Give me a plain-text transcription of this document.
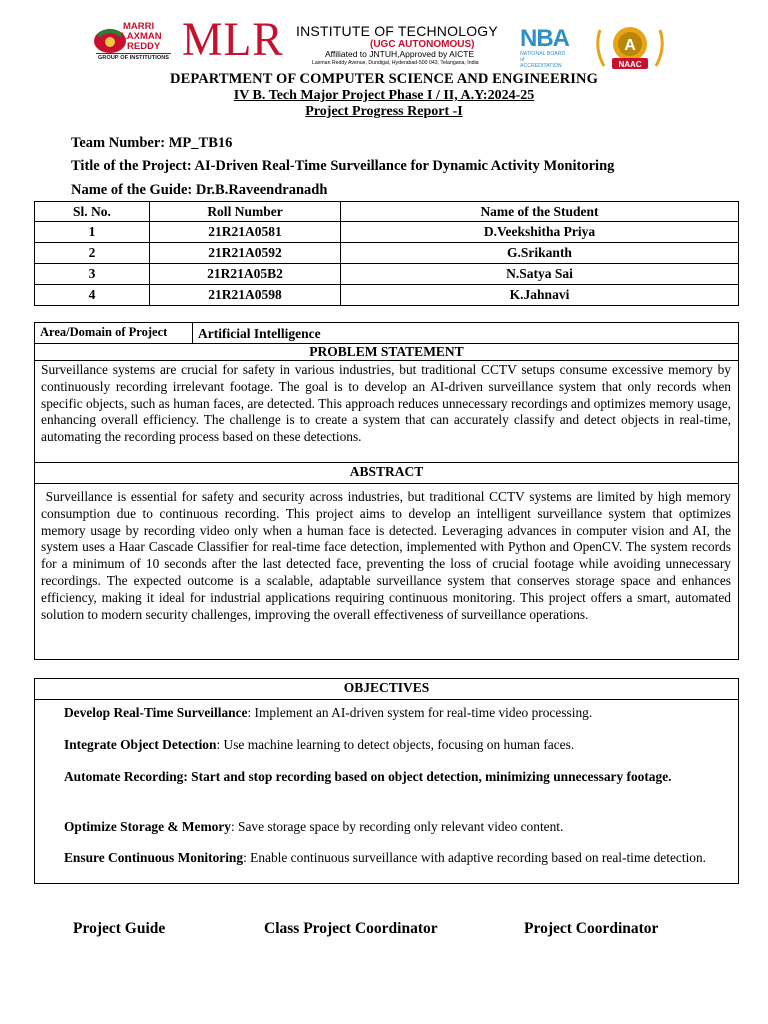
MARRI
LAXMAN
REDDY
GROUP OF INSTITUTIONS MLR INSTITUTE OF TECHNOLOGY
(UGC AUTONOMOUS)
Affiliated to JNTUH,Approved by AICTE
Laxman Reddy Avenue, Dundigal, Hyderabad-500 043, Telangana, India
NBA
NATIONAL BOARD
of
ACCREDITATION
A
NAAC
DEPARTMENT OF COMPUTER SCIENCE AND ENGINEERING
IV B. Tech Major Project Phase I / II, A.Y:2024-25
Project Progress Report -I
Team Number: MP_TB16
Title of the Project: AI-Driven Real-Time Surveillance for Dynamic Activity Monitoring
Name of the Guide: Dr.B.Raveendranadh
Sl. No.	Roll Number	Name of the Student
1	21R21A0581	D.Veekshitha Priya
2	21R21A0592	G.Srikanth
3	21R21A05B2	N.Satya Sai
4	21R21A0598	K.Jahnavi
Area/Domain of Project	Artificial Intelligence
PROBLEM STATEMENT
Surveillance systems are crucial for safety in various industries, but traditional CCTV setups consume excessive memory by continuously recording irrelevant footage. The goal is to develop an AI-driven surveillance system that only records when specific objects, such as human faces, are detected. This approach reduces unnecessary recordings and optimizes memory usage, enhancing overall efficiency. The challenge is to create a system that can accurately classify and detect objects in real-time, automating the recording process based on these detections.
ABSTRACT
Surveillance is essential for safety and security across industries, but traditional CCTV systems are limited by high memory consumption due to continuous recording. This project aims to develop an intelligent surveillance system that optimizes memory usage by recording video only when a human face is detected. Leveraging advances in computer vision and AI, the system uses a Haar Cascade Classifier for real-time face detection, implemented with Python and OpenCV. The system records for a minimum of 10 seconds after the last detected face, preventing the loss of crucial footage while avoiding unnecessary recordings. The expected outcome is a scalable, adaptable surveillance system that conserves storage space and enhances efficiency, making it ideal for industrial applications requiring continuous monitoring. This project offers a smart, automated solution to modern security challenges, improving the overall effectiveness of surveillance operations.
OBJECTIVES
Develop Real-Time Surveillance: Implement an AI-driven system for real-time video processing.
Integrate Object Detection: Use machine learning to detect objects, focusing on human faces.
Automate Recording: Start and stop recording based on object detection, minimizing unnecessary footage.
Optimize Storage & Memory: Save storage space by recording only relevant video content.
Ensure Continuous Monitoring: Enable continuous surveillance with adaptive recording based on real-time detection.
Project Guide	Class Project Coordinator	Project Coordinator
